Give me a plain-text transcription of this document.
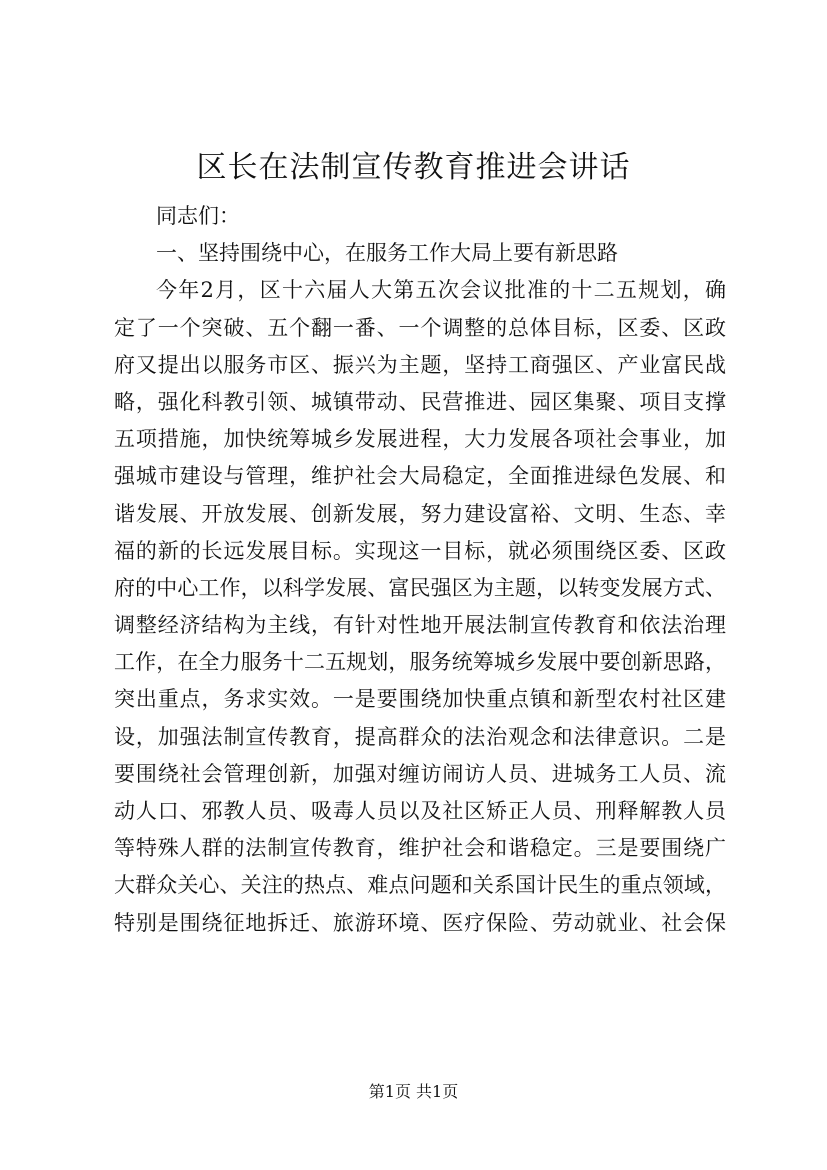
区长在法制宣传教育推进会讲话
同志们：
一、坚持围绕中心，在服务工作大局上要有新思路
今年2月，区十六届人大第五次会议批准的十二五规划，确
定了一个突破、五个翻一番、一个调整的总体目标，区委、区政
府又提出以服务市区、振兴为主题，坚持工商强区、产业富民战
略，强化科教引领、城镇带动、民营推进、园区集聚、项目支撑
五项措施，加快统筹城乡发展进程，大力发展各项社会事业，加
强城市建设与管理，维护社会大局稳定，全面推进绿色发展、和
谐发展、开放发展、创新发展，努力建设富裕、文明、生态、幸
福的新的长远发展目标。实现这一目标，就必须围绕区委、区政
府的中心工作，以科学发展、富民强区为主题，以转变发展方式、
调整经济结构为主线，有针对性地开展法制宣传教育和依法治理
工作，在全力服务十二五规划，服务统筹城乡发展中要创新思路，
突出重点，务求实效。一是要围绕加快重点镇和新型农村社区建
设，加强法制宣传教育，提高群众的法治观念和法律意识。二是
要围绕社会管理创新，加强对缠访闹访人员、进城务工人员、流
动人口、邪教人员、吸毒人员以及社区矫正人员、刑释解教人员
等特殊人群的法制宣传教育，维护社会和谐稳定。三是要围绕广
大群众关心、关注的热点、难点问题和关系国计民生的重点领域，
特别是围绕征地拆迁、旅游环境、医疗保险、劳动就业、社会保
第1页 共1页
